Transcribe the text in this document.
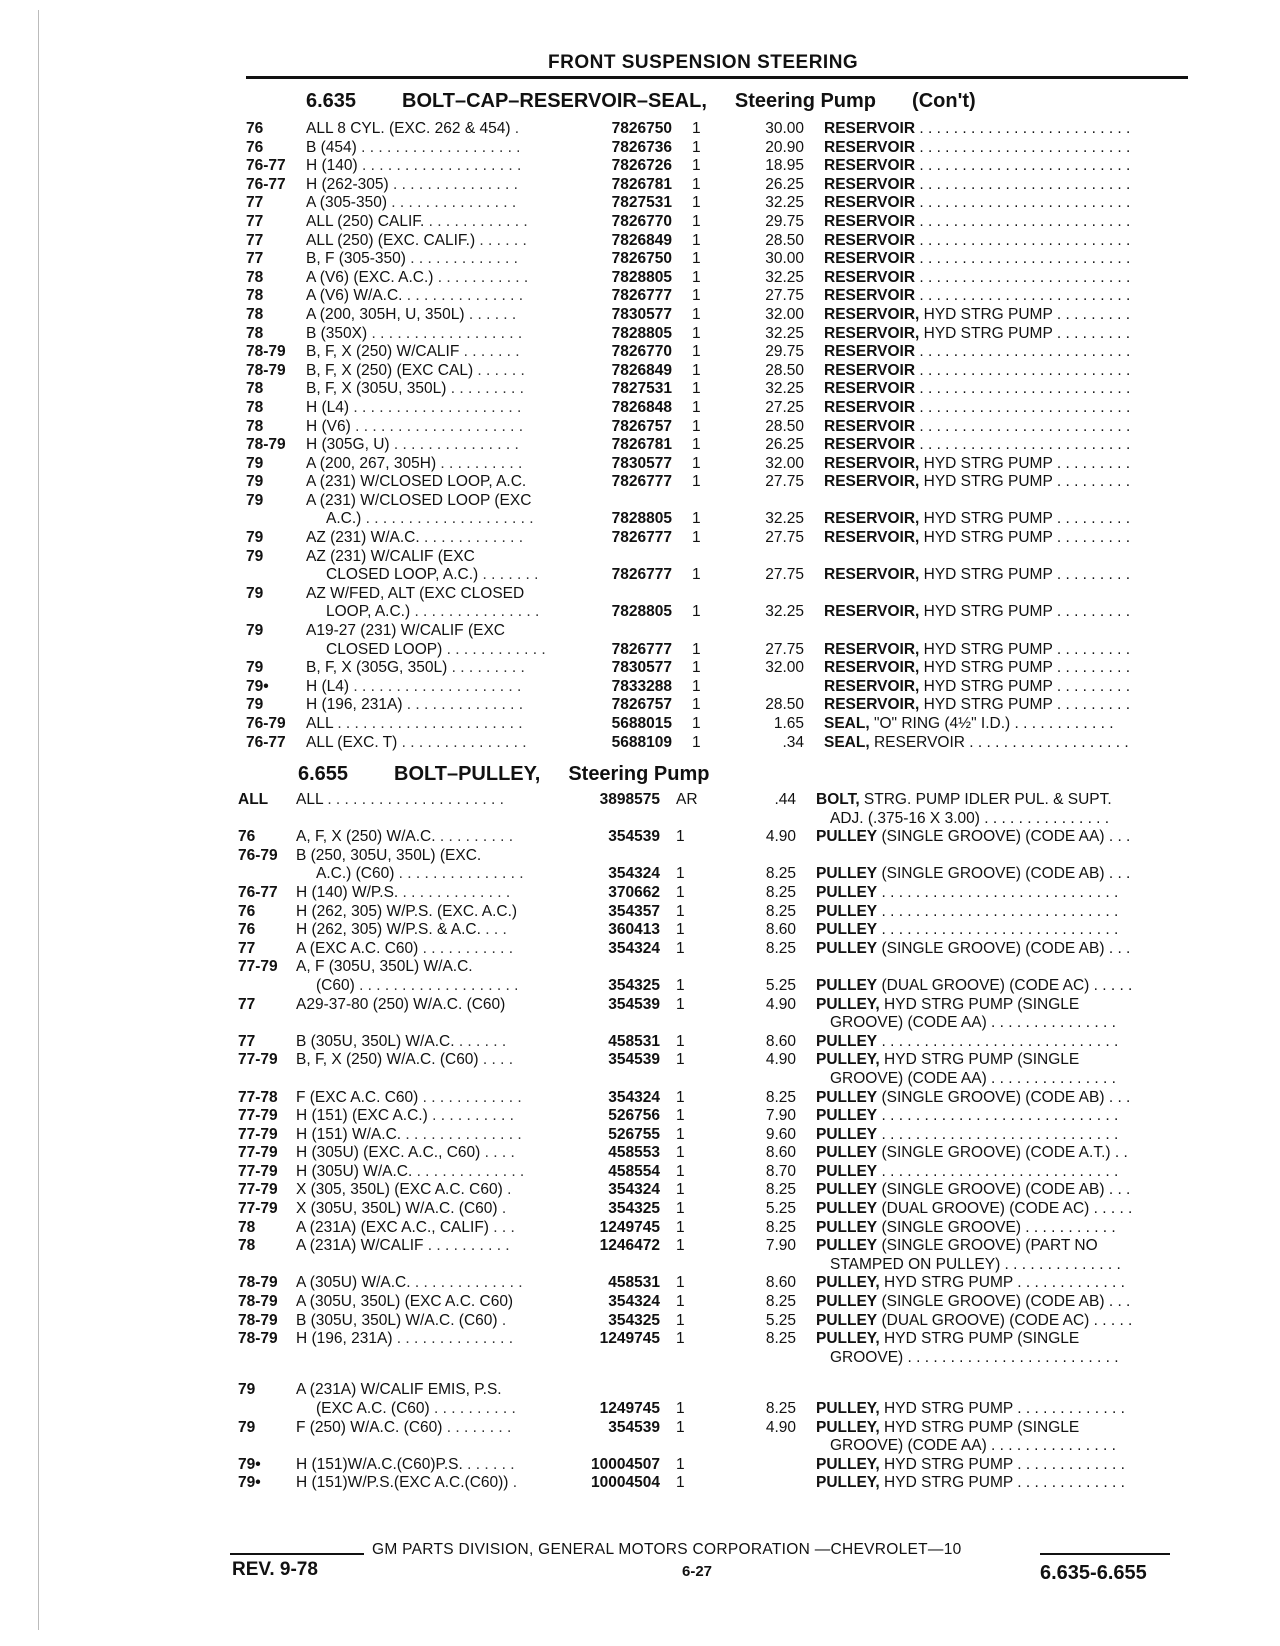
FRONT SUSPENSION STEERING
6.635 BOLT–CAP–RESERVOIR–SEAL, Steering Pump (Con't)
76	ALL 8 CYL. (EXC. 262 & 454) .	7826750 1	30.00 RESERVOIR . . . . . . . . . . . . . . . . . . . . . . . . .
76	B (454) . . . . . . . . . . . . . . . . . . .	7826736 1	20.90 RESERVOIR . . . . . . . . . . . . . . . . . . . . . . . . .
76-77	H (140) . . . . . . . . . . . . . . . . . . .	7826726 1	18.95 RESERVOIR . . . . . . . . . . . . . . . . . . . . . . . . .
76-77	H (262-305) . . . . . . . . . . . . . . .	7826781 1	26.25 RESERVOIR . . . . . . . . . . . . . . . . . . . . . . . . .
77	A (305-350) . . . . . . . . . . . . . . .	7827531 1	32.25 RESERVOIR . . . . . . . . . . . . . . . . . . . . . . . . .
77	ALL (250) CALIF. . . . . . . . . . . . .	7826770 1	29.75 RESERVOIR . . . . . . . . . . . . . . . . . . . . . . . . .
77	ALL (250) (EXC. CALIF.) . . . . . .	7826849 1	28.50 RESERVOIR . . . . . . . . . . . . . . . . . . . . . . . . .
77	B, F (305-350) . . . . . . . . . . . . .	7826750 1	30.00 RESERVOIR . . . . . . . . . . . . . . . . . . . . . . . . .
78	A (V6) (EXC. A.C.) . . . . . . . . . . .	7828805 1	32.25 RESERVOIR . . . . . . . . . . . . . . . . . . . . . . . . .
78	A (V6) W/A.C. . . . . . . . . . . . . . .	7826777 1	27.75 RESERVOIR . . . . . . . . . . . . . . . . . . . . . . . . .
78	A (200, 305H, U, 350L) . . . . . .	7830577 1	32.00 RESERVOIR, HYD STRG PUMP . . . . . . . . .
78	B (350X) . . . . . . . . . . . . . . . . . .	7828805 1	32.25 RESERVOIR, HYD STRG PUMP . . . . . . . . .
78-79	B, F, X (250) W/CALIF . . . . . . .	7826770 1	29.75 RESERVOIR . . . . . . . . . . . . . . . . . . . . . . . . .
78-79	B, F, X (250) (EXC CAL) . . . . . .	7826849 1	28.50 RESERVOIR . . . . . . . . . . . . . . . . . . . . . . . . .
78	B, F, X (305U, 350L) . . . . . . . . .	7827531 1	32.25 RESERVOIR . . . . . . . . . . . . . . . . . . . . . . . . .
78	H (L4) . . . . . . . . . . . . . . . . . . . .	7826848 1	27.25 RESERVOIR . . . . . . . . . . . . . . . . . . . . . . . . .
78	H (V6) . . . . . . . . . . . . . . . . . . . .	7826757 1	28.50 RESERVOIR . . . . . . . . . . . . . . . . . . . . . . . . .
78-79	H (305G, U) . . . . . . . . . . . . . . .	7826781 1	26.25 RESERVOIR . . . . . . . . . . . . . . . . . . . . . . . . .
79	A (200, 267, 305H) . . . . . . . . . .	7830577 1	32.00 RESERVOIR, HYD STRG PUMP . . . . . . . . .
79	A (231) W/CLOSED LOOP, A.C.	7826777 1	27.75 RESERVOIR, HYD STRG PUMP . . . . . . . . .
79	A (231) W/CLOSED LOOP (EXC
A.C.) . . . . . . . . . . . . . . . . . . . .	7828805 1	32.25 RESERVOIR, HYD STRG PUMP . . . . . . . . .
79	AZ (231) W/A.C. . . . . . . . . . . . .	7826777 1	27.75 RESERVOIR, HYD STRG PUMP . . . . . . . . .
79	AZ (231) W/CALIF (EXC
CLOSED LOOP, A.C.) . . . . . . .	7826777 1	27.75 RESERVOIR, HYD STRG PUMP . . . . . . . . .
79	AZ W/FED, ALT (EXC CLOSED
LOOP, A.C.) . . . . . . . . . . . . . . .	7828805 1	32.25 RESERVOIR, HYD STRG PUMP . . . . . . . . .
79	A19-27 (231) W/CALIF (EXC
CLOSED LOOP) . . . . . . . . . . . .	7826777 1	27.75 RESERVOIR, HYD STRG PUMP . . . . . . . . .
79	B, F, X (305G, 350L) . . . . . . . . .	7830577 1	32.00 RESERVOIR, HYD STRG PUMP . . . . . . . . .
79•	H (L4) . . . . . . . . . . . . . . . . . . . .	7833288 1	RESERVOIR, HYD STRG PUMP . . . . . . . . .
79	H (196, 231A) . . . . . . . . . . . . . .	7826757 1	28.50 RESERVOIR, HYD STRG PUMP . . . . . . . . .
76-79	ALL . . . . . . . . . . . . . . . . . . . . . .	5688015 1	1.65 SEAL, "O" RING (4½" I.D.) . . . . . . . . . . . .
76-77	ALL (EXC. T) . . . . . . . . . . . . . . .	5688109 1	.34 SEAL, RESERVOIR . . . . . . . . . . . . . . . . . . .
6.655 BOLT–PULLEY, Steering Pump
ALL	ALL . . . . . . . . . . . . . . . . . . . . .	3898575 AR	.44 BOLT, STRG. PUMP IDLER PUL. & SUPT.
ADJ. (.375-16 X 3.00) . . . . . . . . . . . . . . .
76	A, F, X (250) W/A.C. . . . . . . . . .	354539 1	4.90 PULLEY (SINGLE GROOVE) (CODE AA) . . .
76-79	B (250, 305U, 350L) (EXC.
A.C.) (C60) . . . . . . . . . . . . . . .	354324 1	8.25 PULLEY (SINGLE GROOVE) (CODE AB) . . .
76-77	H (140) W/P.S. . . . . . . . . . . . . .	370662 1	8.25 PULLEY . . . . . . . . . . . . . . . . . . . . . . . . . . . .
76	H (262, 305) W/P.S. (EXC. A.C.)	354357 1	8.25 PULLEY . . . . . . . . . . . . . . . . . . . . . . . . . . . .
76	H (262, 305) W/P.S. & A.C. . . .	360413 1	8.60 PULLEY . . . . . . . . . . . . . . . . . . . . . . . . . . . .
77	A (EXC A.C. C60) . . . . . . . . . . .	354324 1	8.25 PULLEY (SINGLE GROOVE) (CODE AB) . . .
77-79	A, F (305U, 350L) W/A.C.
(C60) . . . . . . . . . . . . . . . . . . .	354325 1	5.25 PULLEY (DUAL GROOVE) (CODE AC) . . . . .
77	A29-37-80 (250) W/A.C. (C60)	354539 1	4.90 PULLEY, HYD STRG PUMP (SINGLE
GROOVE) (CODE AA) . . . . . . . . . . . . . . .
77	B (305U, 350L) W/A.C. . . . . . .	458531 1	8.60 PULLEY . . . . . . . . . . . . . . . . . . . . . . . . . . . .
77-79	B, F, X (250) W/A.C. (C60) . . . .	354539 1	4.90 PULLEY, HYD STRG PUMP (SINGLE
GROOVE) (CODE AA) . . . . . . . . . . . . . . .
77-78	F (EXC A.C. C60) . . . . . . . . . . . .	354324 1	8.25 PULLEY (SINGLE GROOVE) (CODE AB) . . .
77-79	H (151) (EXC A.C.) . . . . . . . . . .	526756 1	7.90 PULLEY . . . . . . . . . . . . . . . . . . . . . . . . . . . .
77-79	H (151) W/A.C. . . . . . . . . . . . . . .	526755 1	9.60 PULLEY . . . . . . . . . . . . . . . . . . . . . . . . . . . .
77-79	H (305U) (EXC. A.C., C60) . . . .	458553 1	8.60 PULLEY (SINGLE GROOVE) (CODE A.T.) . .
77-79	H (305U) W/A.C. . . . . . . . . . . . . .	458554 1	8.70 PULLEY . . . . . . . . . . . . . . . . . . . . . . . . . . . .
77-79	X (305, 350L) (EXC A.C. C60) .	354324 1	8.25 PULLEY (SINGLE GROOVE) (CODE AB) . . .
77-79	X (305U, 350L) W/A.C. (C60) .	354325 1	5.25 PULLEY (DUAL GROOVE) (CODE AC) . . . . .
78	A (231A) (EXC A.C., CALIF) . . .	1249745 1	8.25 PULLEY (SINGLE GROOVE) . . . . . . . . . . .
78	A (231A) W/CALIF . . . . . . . . . .	1246472 1	7.90 PULLEY (SINGLE GROOVE) (PART NO
STAMPED ON PULLEY) . . . . . . . . . . . . . .
78-79	A (305U) W/A.C. . . . . . . . . . . . . .	458531 1	8.60 PULLEY, HYD STRG PUMP . . . . . . . . . . . . .
78-79	A (305U, 350L) (EXC A.C. C60)	354324 1	8.25 PULLEY (SINGLE GROOVE) (CODE AB) . . .
78-79	B (305U, 350L) W/A.C. (C60) .	354325 1	5.25 PULLEY (DUAL GROOVE) (CODE AC) . . . . .
78-79	H (196, 231A) . . . . . . . . . . . . . .	1249745 1	8.25 PULLEY, HYD STRG PUMP (SINGLE
GROOVE) . . . . . . . . . . . . . . . . . . . . . . . . .
79	A (231A) W/CALIF EMIS, P.S.
(EXC A.C. (C60) . . . . . . . . . .	1249745 1	8.25 PULLEY, HYD STRG PUMP . . . . . . . . . . . . .
79	F (250) W/A.C. (C60) . . . . . . . .	354539 1	4.90 PULLEY, HYD STRG PUMP (SINGLE
GROOVE) (CODE AA) . . . . . . . . . . . . . . .
79•	H (151)W/A.C.(C60)P.S. . . . . . .	10004507 1	PULLEY, HYD STRG PUMP . . . . . . . . . . . . .
79•	H (151)W/P.S.(EXC A.C.(C60)) .	10004504 1	PULLEY, HYD STRG PUMP . . . . . . . . . . . . .
GM PARTS DIVISION, GENERAL MOTORS CORPORATION —CHEVROLET—10
REV. 9-78	6-27	6.635-6.655
